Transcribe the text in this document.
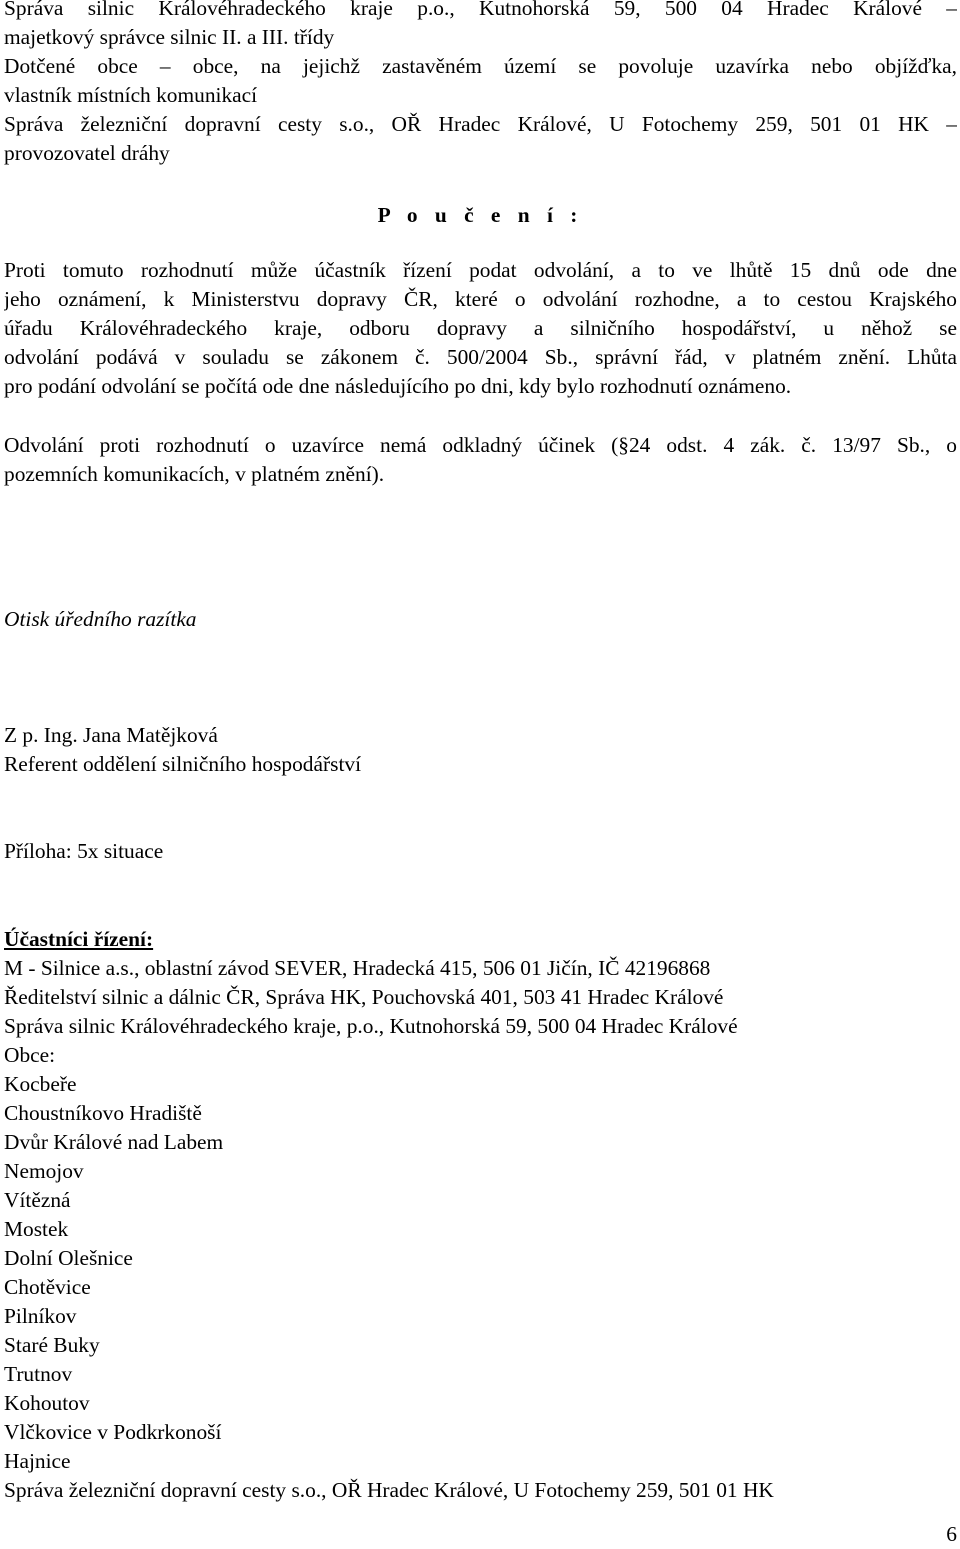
Správa silnic Královéhradeckého kraje p.o., Kutnohorská 59, 500 04 Hradec Králové –
majetkový správce silnic II. a III. třídy
Dotčené obce – obce, na jejichž zastavěném území se povoluje uzavírka nebo objížďka,
vlastník místních komunikací
Správa železniční dopravní cesty s.o., OŘ Hradec Králové, U Fotochemy 259, 501 01 HK –
provozovatel dráhy
P o u č e n í :
Proti tomuto rozhodnutí může účastník řízení podat odvolání, a to ve lhůtě 15 dnů ode dne
jeho oznámení, k Ministerstvu dopravy ČR, které o odvolání rozhodne, a to cestou Krajského
úřadu Královéhradeckého kraje, odboru dopravy a silničního hospodářství, u něhož se
odvolání podává v souladu se zákonem č. 500/2004 Sb., správní řád, v platném znění. Lhůta
pro podání odvolání se počítá ode dne následujícího po dni, kdy bylo rozhodnutí oznámeno.
Odvolání proti rozhodnutí o uzavírce nemá odkladný účinek (§24 odst. 4 zák. č. 13/97 Sb., o
pozemních komunikacích, v platném znění).
Otisk úředního razítka
Z p. Ing. Jana Matějková
Referent oddělení silničního hospodářství
Příloha: 5x situace
Účastníci řízení:
M - Silnice a.s., oblastní závod SEVER, Hradecká 415, 506 01 Jičín, IČ 42196868
Ředitelství silnic a dálnic ČR, Správa HK, Pouchovská 401, 503 41 Hradec Králové
Správa silnic Královéhradeckého kraje, p.o., Kutnohorská 59, 500 04 Hradec Králové
Obce:
Kocbeře
Choustníkovo Hradiště
Dvůr Králové nad Labem
Nemojov
Vítězná
Mostek
Dolní Olešnice
Chotěvice
Pilníkov
Staré Buky
Trutnov
Kohoutov
Vlčkovice v Podkrkonoší
Hajnice
Správa železniční dopravní cesty s.o., OŘ Hradec Králové, U Fotochemy 259, 501 01 HK
6
